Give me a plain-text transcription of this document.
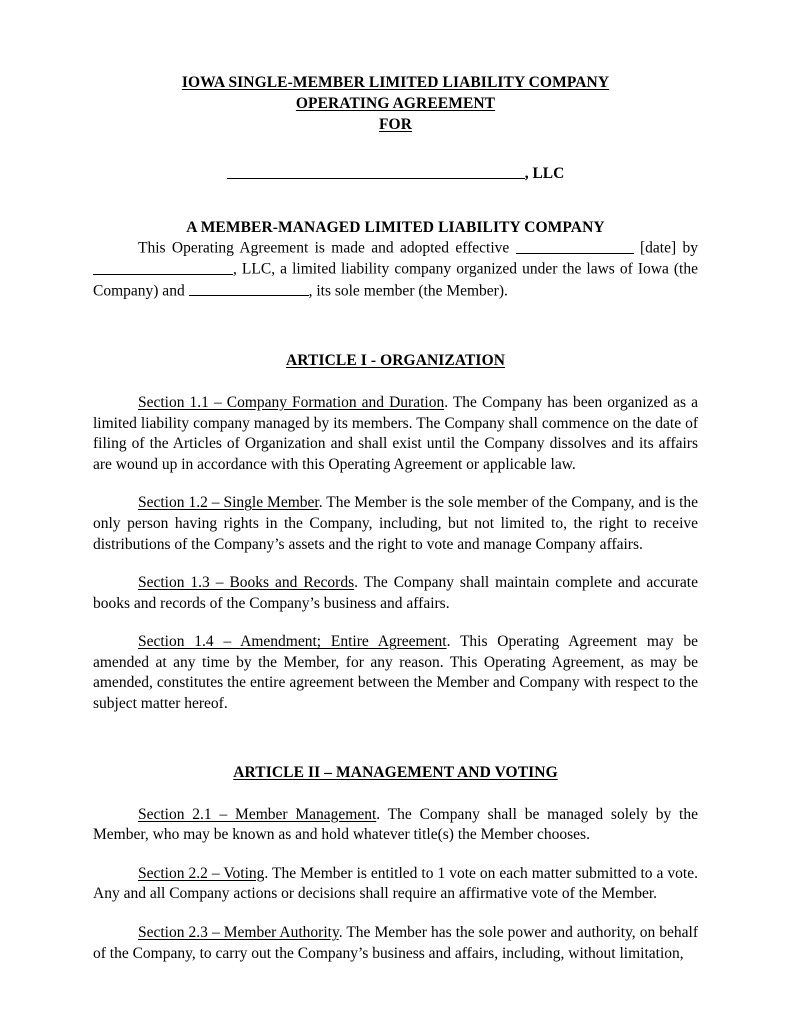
IOWA SINGLE-MEMBER LIMITED LIABILITY COMPANY
OPERATING AGREEMENT
FOR
, LLC
A MEMBER-MANAGED LIMITED LIABILITY COMPANY

This Operating Agreement is made and adopted effective	[date] by , LLC, a limited liability company organized under the laws of Iowa (the Company) and	, its sole member (the Member).

ARTICLE I - ORGANIZATION

Section 1.1 – Company Formation and Duration. The Company has been organized as a limited liability company managed by its members. The Company shall commence on the date of filing of the Articles of Organization and shall exist until the Company dissolves and its affairs are wound up in accordance with this Operating Agreement or applicable law.

Section 1.2 – Single Member. The Member is the sole member of the Company, and is the only person having rights in the Company, including, but not limited to, the right to receive distributions of the Company’s assets and the right to vote and manage Company affairs.

Section 1.3 – Books and Records. The Company shall maintain complete and accurate books and records of the Company’s business and affairs.

Section 1.4 – Amendment; Entire Agreement. This Operating Agreement may be amended at any time by the Member, for any reason. This Operating Agreement, as may be amended, constitutes the entire agreement between the Member and Company with respect to the subject matter hereof.

ARTICLE II – MANAGEMENT AND VOTING

Section 2.1 – Member Management. The Company shall be managed solely by the Member, who may be known as and hold whatever title(s) the Member chooses.

Section 2.2 – Voting. The Member is entitled to 1 vote on each matter submitted to a vote. Any and all Company actions or decisions shall require an affirmative vote of the Member.

Section 2.3 – Member Authority. The Member has the sole power and authority, on behalf of the Company, to carry out the Company’s business and affairs, including, without limitation,
